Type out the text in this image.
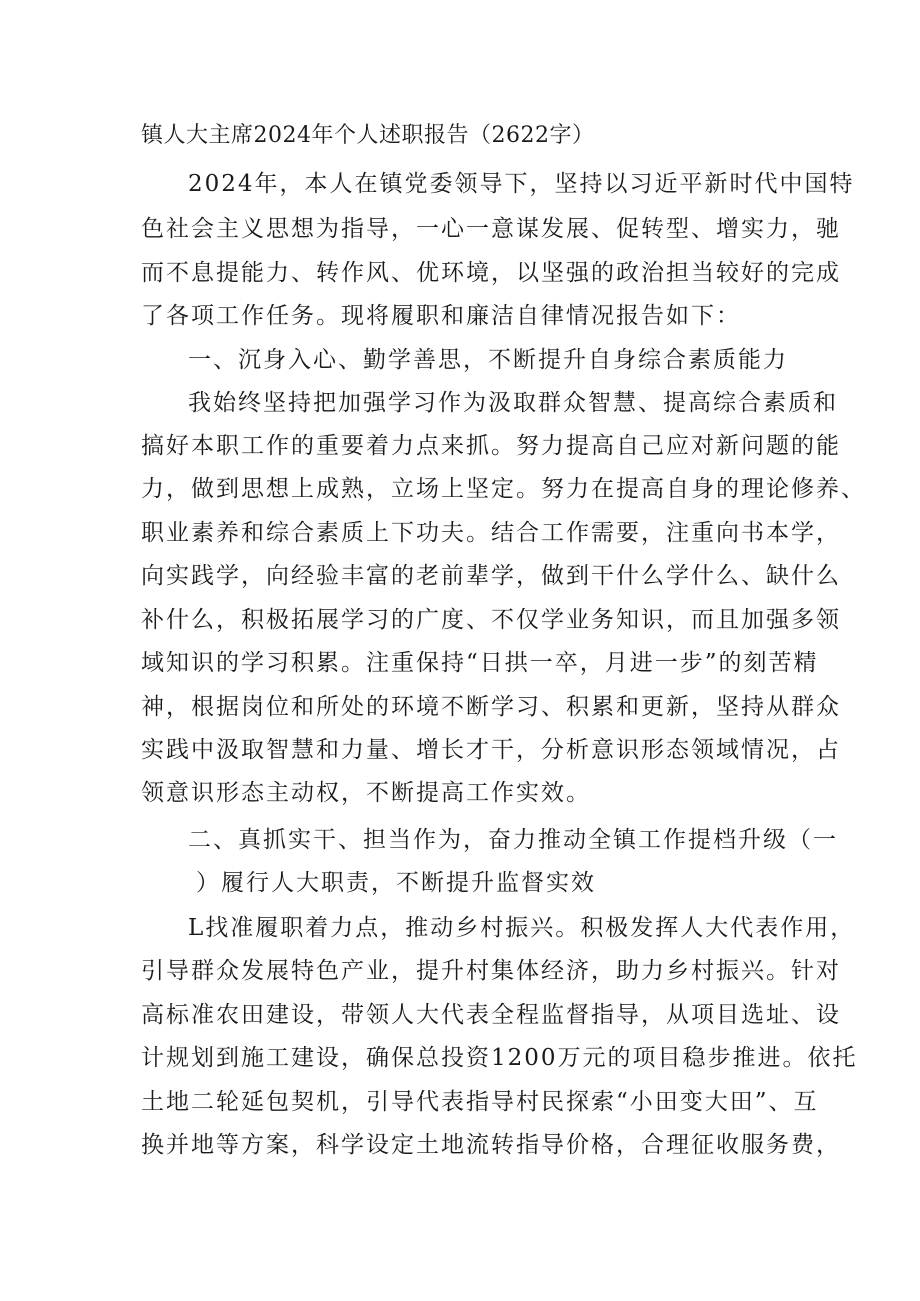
镇人大主席2024年个人述职报告（2622字）
2024年，本人在镇党委领导下，坚持以习近平新时代中国特
色社会主义思想为指导，一心一意谋发展、促转型、增实力，驰
而不息提能力、转作风、优环境，以坚强的政治担当较好的完成
了各项工作任务。现将履职和廉洁自律情况报告如下：
一、沉身入心、勤学善思，不断提升自身综合素质能力
我始终坚持把加强学习作为汲取群众智慧、提高综合素质和
搞好本职工作的重要着力点来抓。努力提高自己应对新问题的能
力，做到思想上成熟，立场上坚定。努力在提高自身的理论修养、
职业素养和综合素质上下功夫。结合工作需要，注重向书本学，
向实践学，向经验丰富的老前辈学，做到干什么学什么、缺什么
补什么，积极拓展学习的广度、不仅学业务知识，而且加强多领
域知识的学习积累。注重保持“日拱一卒，月进一步”的刻苦精
神，根据岗位和所处的环境不断学习、积累和更新，坚持从群众
实践中汲取智慧和力量、增长才干，分析意识形态领域情况，占
领意识形态主动权，不断提高工作实效。
二、真抓实干、担当作为，奋力推动全镇工作提档升级（一
）履行人大职责，不断提升监督实效
L找准履职着力点，推动乡村振兴。积极发挥人大代表作用，
引导群众发展特色产业，提升村集体经济，助力乡村振兴。针对
高标准农田建设，带领人大代表全程监督指导，从项目选址、设
计规划到施工建设，确保总投资1200万元的项目稳步推进。依托
土地二轮延包契机，引导代表指导村民探索“小田变大田”、互
换并地等方案，科学设定土地流转指导价格，合理征收服务费，
